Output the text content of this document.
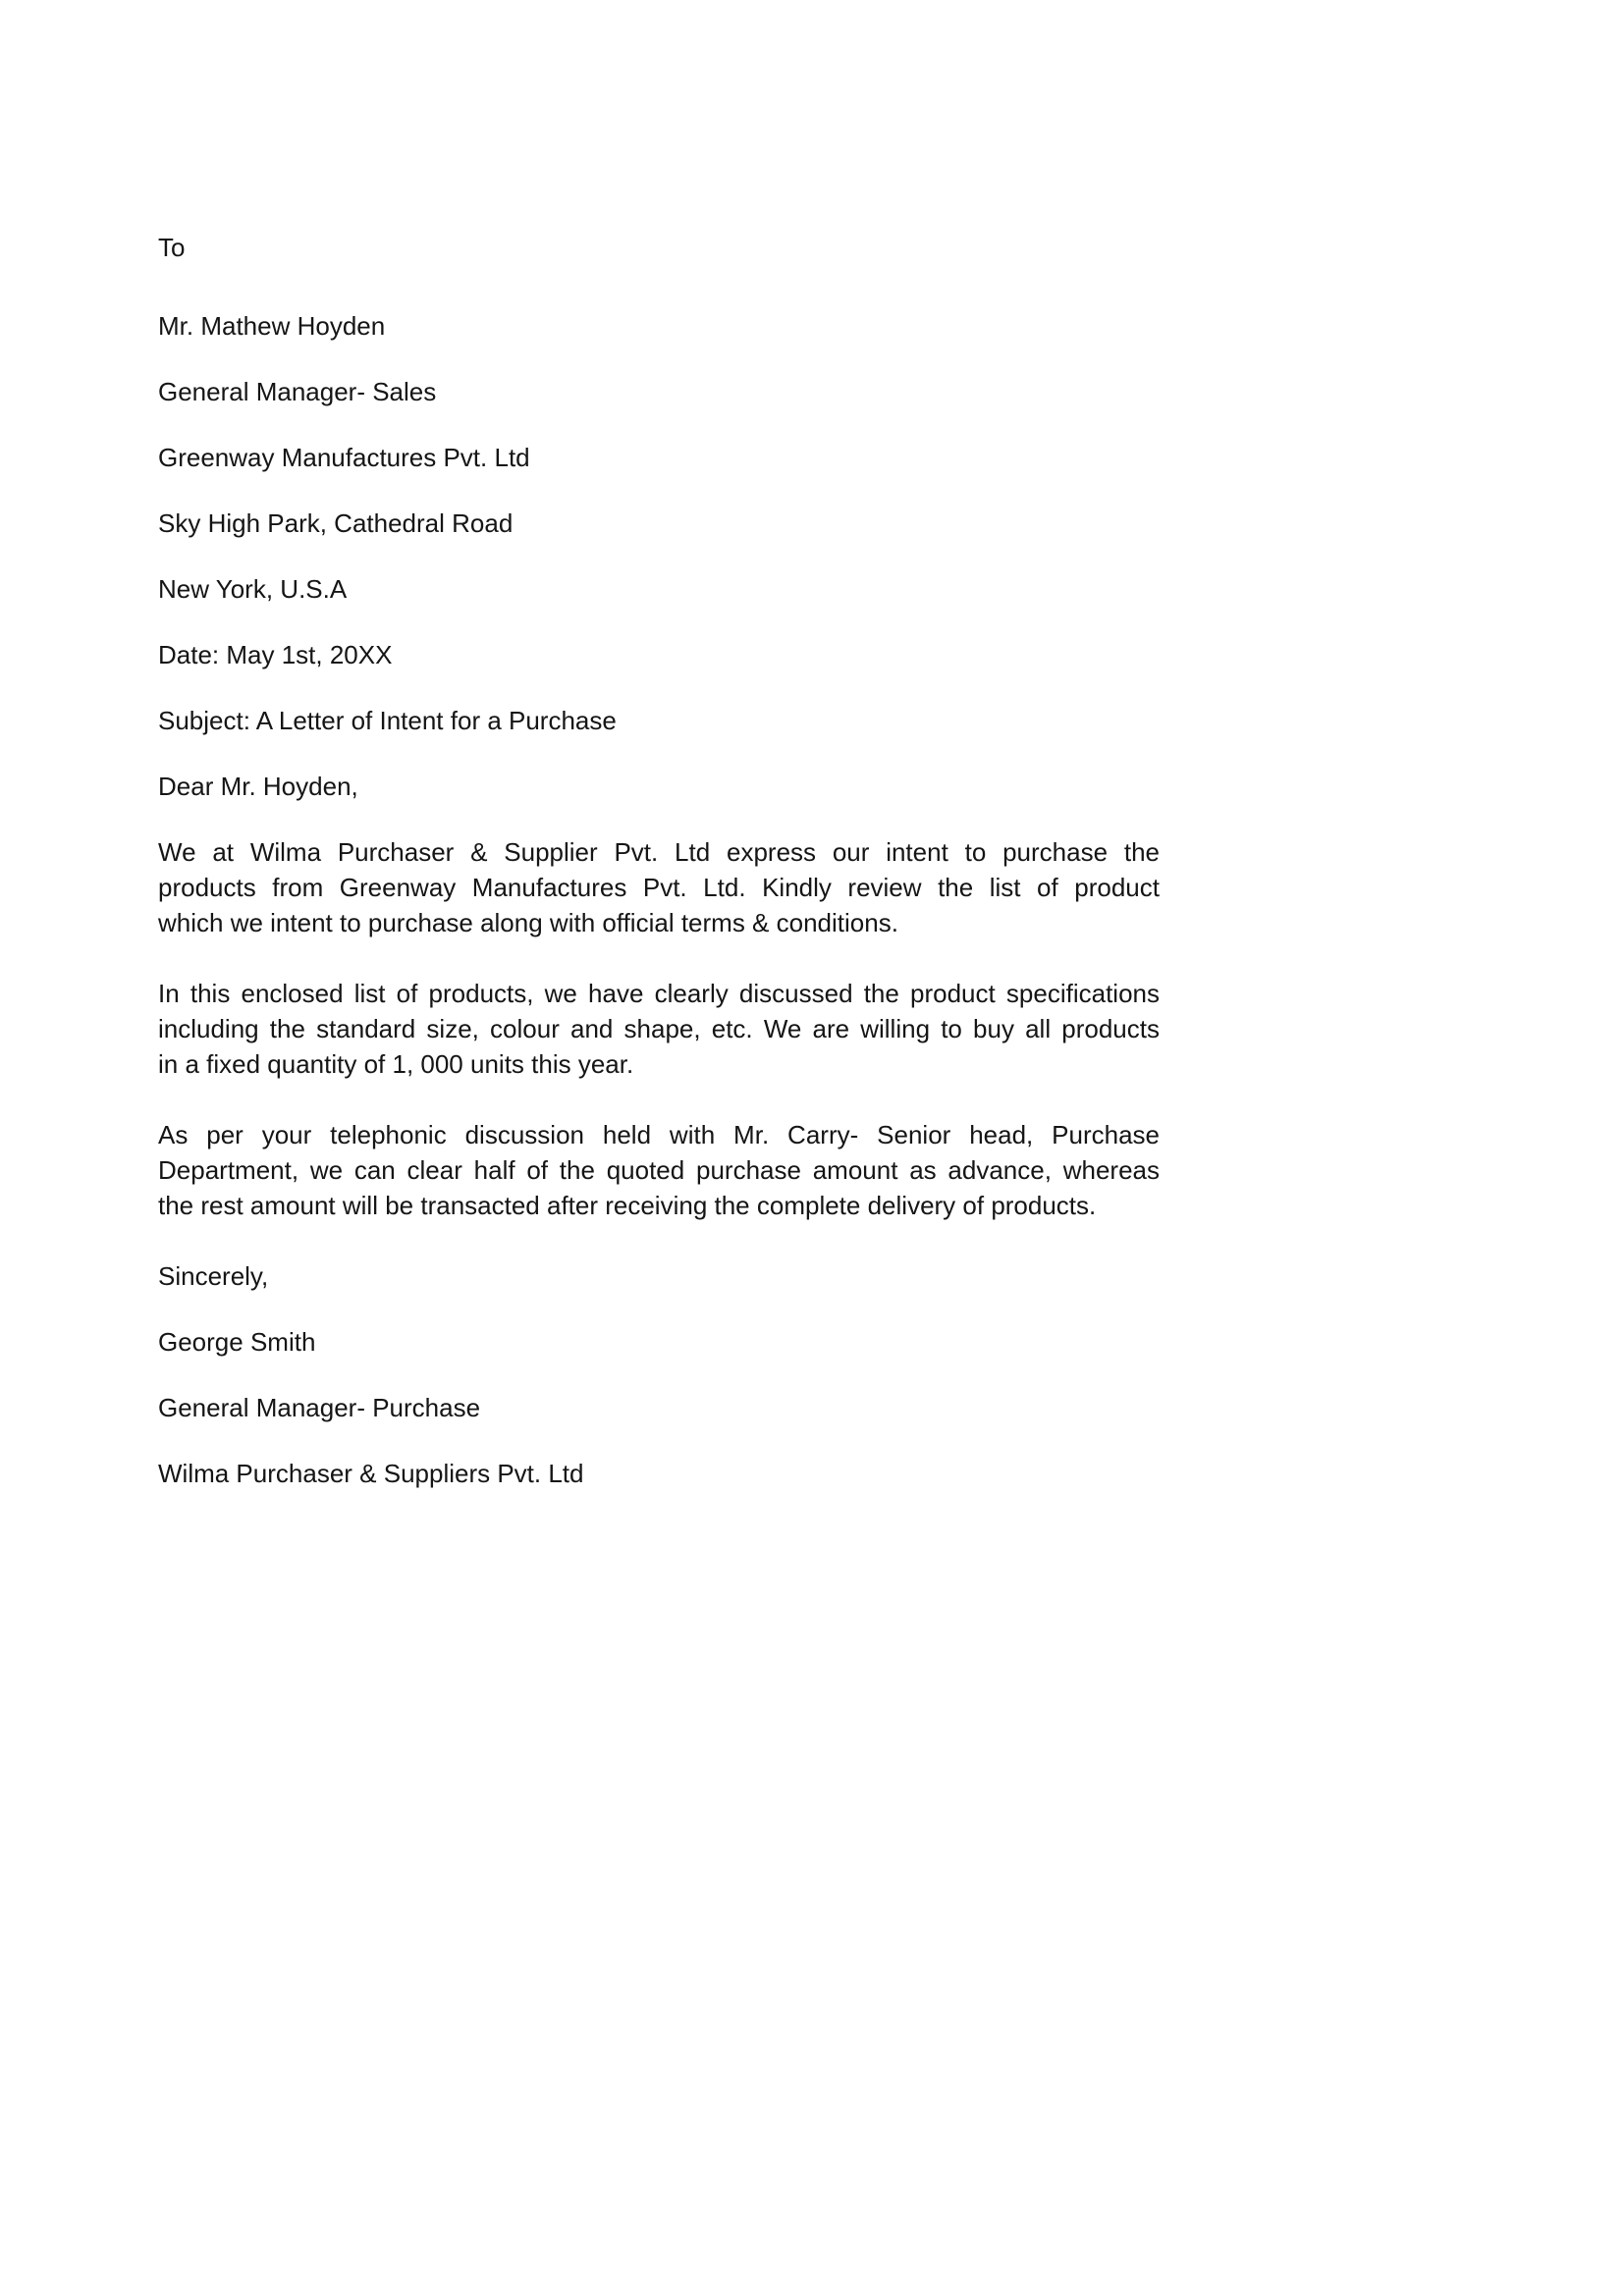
To

Mr. Mathew Hoyden

General Manager- Sales

Greenway Manufactures Pvt. Ltd

Sky High Park, Cathedral Road

New York, U.S.A

Date: May 1st, 20XX

Subject: A Letter of Intent for a Purchase

Dear Mr. Hoyden,

We at Wilma Purchaser & Supplier Pvt. Ltd express our intent to purchase the
products from Greenway Manufactures Pvt. Ltd. Kindly review the list of product
which we intent to purchase along with official terms & conditions.
In this enclosed list of products, we have clearly discussed the product specifications
including the standard size, colour and shape, etc. We are willing to buy all products
in a fixed quantity of 1, 000 units this year.
As per your telephonic discussion held with Mr. Carry- Senior head, Purchase
Department, we can clear half of the quoted purchase amount as advance, whereas
the rest amount will be transacted after receiving the complete delivery of products.

Sincerely,

George Smith

General Manager- Purchase

Wilma Purchaser & Suppliers Pvt. Ltd
